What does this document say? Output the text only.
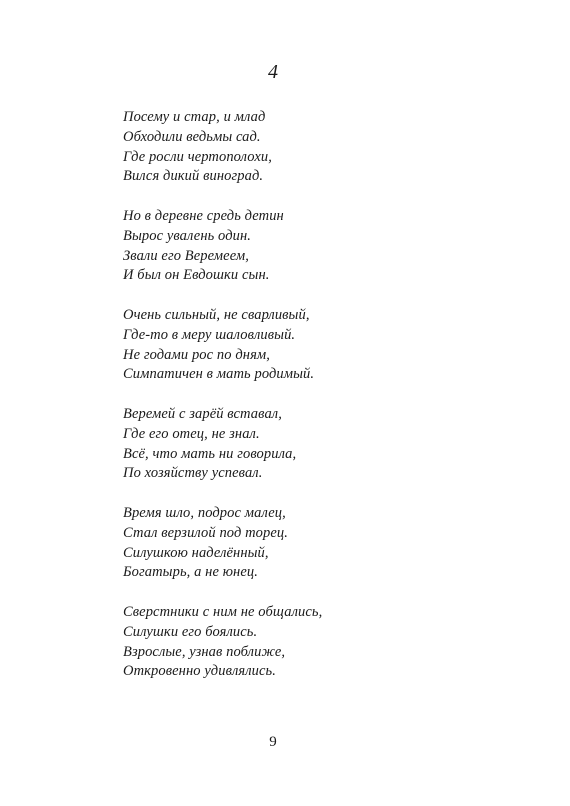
4
Посему и стар, и млад
Обходили ведьмы сад.
Где росли чертополохи,
Вился дикий виноград.
Но в деревне средь детин
Вырос увалень один.
Звали его Веремеем,
И был он Евдошки сын.
Очень сильный, не сварливый,
Где-то в меру шаловливый.
Не годами рос по дням,
Симпатичен в мать родимый.
Веремей с зарёй вставал,
Где его отец, не знал.
Всё, что мать ни говорила,
По хозяйству успевал.
Время шло, подрос малец,
Стал верзилой под торец.
Силушкою наделённый,
Богатырь, а не юнец.
Сверстники с ним не общались,
Силушки его боялись.
Взрослые, узнав поближе,
Откровенно удивлялись.
9
